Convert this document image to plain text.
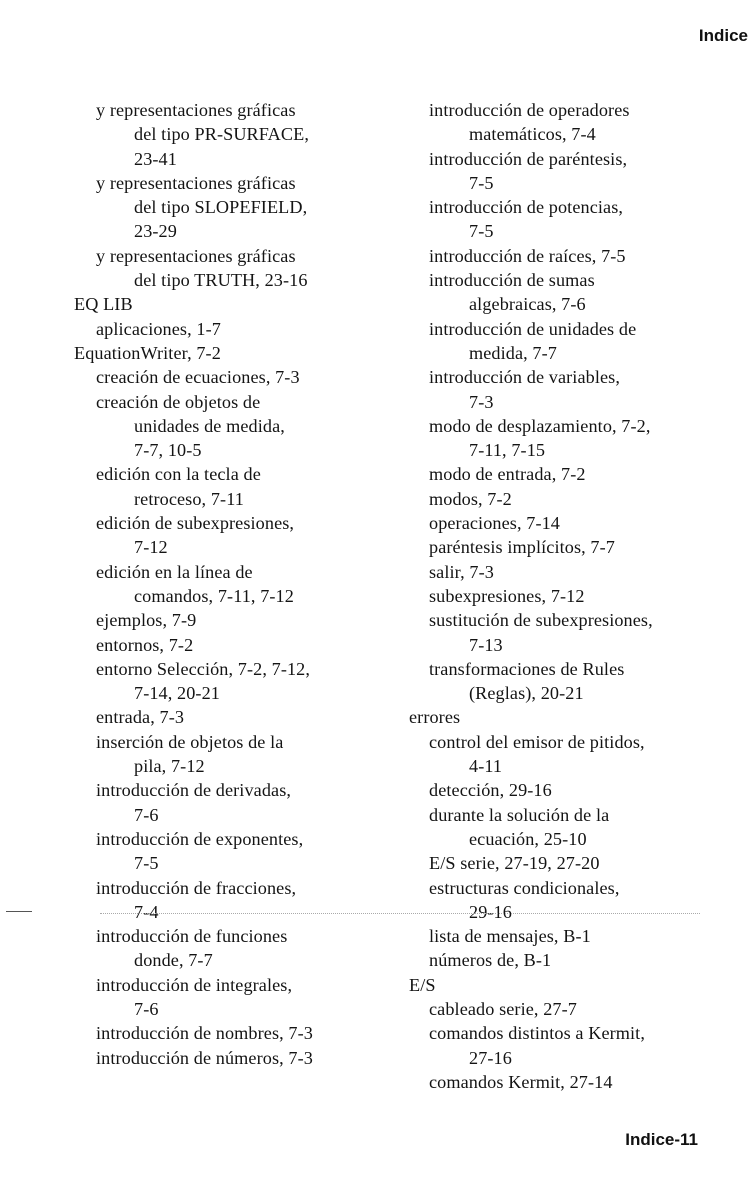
Indice
y representaciones gráficas
del tipo PR-SURFACE,
23-41
y representaciones gráficas
del tipo SLOPEFIELD,
23-29
y representaciones gráficas
del tipo TRUTH, 23-16
EQ LIB
aplicaciones, 1-7
EquationWriter, 7-2
creación de ecuaciones, 7-3
creación de objetos de
unidades de medida,
7-7, 10-5
edición con la tecla de
retroceso, 7-11
edición de subexpresiones,
7-12
edición en la línea de
comandos, 7-11, 7-12
ejemplos, 7-9
entornos, 7-2
entorno Selección, 7-2, 7-12,
7-14, 20-21
entrada, 7-3
inserción de objetos de la
pila, 7-12
introducción de derivadas,
7-6
introducción de exponentes,
7-5
introducción de fracciones,
7-4
introducción de funciones
donde, 7-7
introducción de integrales,
7-6
introducción de nombres, 7-3
introducción de números, 7-3
introducción de operadores
matemáticos, 7-4
introducción de paréntesis,
7-5
introducción de potencias,
7-5
introducción de raíces, 7-5
introducción de sumas
algebraicas, 7-6
introducción de unidades de
medida, 7-7
introducción de variables,
7-3
modo de desplazamiento, 7-2,
7-11, 7-15
modo de entrada, 7-2
modos, 7-2
operaciones, 7-14
paréntesis implícitos, 7-7
salir, 7-3
subexpresiones, 7-12
sustitución de subexpresiones,
7-13
transformaciones de Rules
(Reglas), 20-21
errores
control del emisor de pitidos,
4-11
detección, 29-16
durante la solución de la
ecuación, 25-10
E/S serie, 27-19, 27-20
estructuras condicionales,
29-16
lista de mensajes, B-1
números de, B-1
E/S
cableado serie, 27-7
comandos distintos a Kermit,
27-16
comandos Kermit, 27-14
Indice-11
